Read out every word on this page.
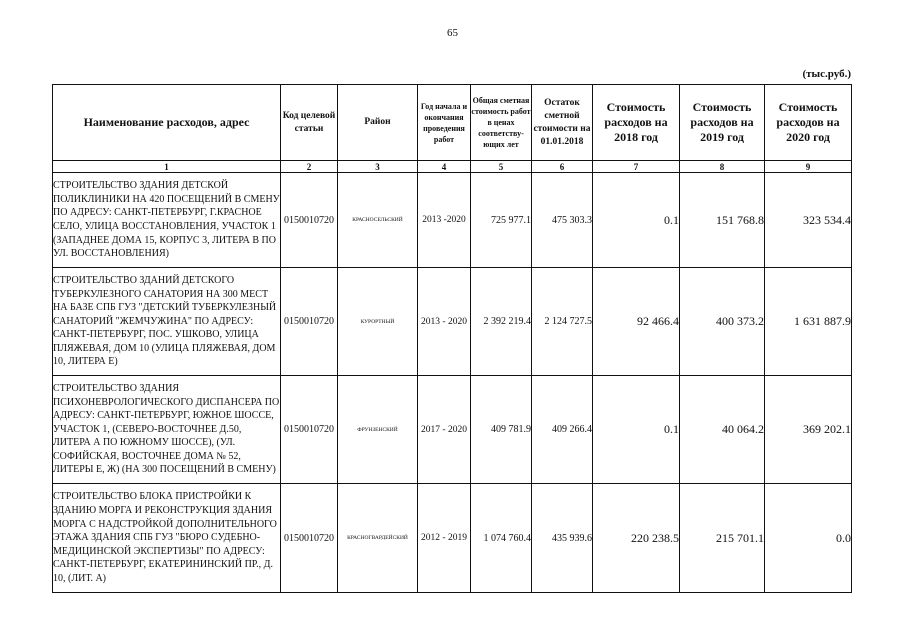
65
(тыс.руб.)
Наименование расходов, адрес	Код целевой статьи	Район	Год начала и окончания проведения работ	Общая сметная стоимость работ в ценах соответству-ющих лет	Остаток сметной стоимости на 01.01.2018	Стоимость расходов на 2018 год	Стоимость расходов на 2019 год	Стоимость расходов на 2020 год
1	2	3	4	5	6	7	8	9
СТРОИТЕЛЬСТВО ЗДАНИЯ ДЕТСКОЙ ПОЛИКЛИНИКИ НА 420 ПОСЕЩЕНИЙ В СМЕНУ ПО АДРЕСУ: САНКТ-ПЕТЕРБУРГ, Г.КРАСНОЕ СЕЛО, УЛИЦА ВОССТАНОВЛЕНИЯ, УЧАСТОК 1 (ЗАПАДНЕЕ ДОМА 15, КОРПУС 3, ЛИТЕРА В ПО УЛ. ВОССТАНОВЛЕНИЯ)	0150010720	КРАСНОСЕЛЬСКИЙ	2013 -2020	725 977.1	475 303.3	0.1	151 768.8	323 534.4
СТРОИТЕЛЬСТВО ЗДАНИЙ ДЕТСКОГО ТУБЕРКУЛЕЗНОГО САНАТОРИЯ НА 300 МЕСТ НА БАЗЕ СПБ ГУЗ "ДЕТСКИЙ ТУБЕРКУЛЕЗНЫЙ САНАТОРИЙ "ЖЕМЧУЖИНА" ПО АДРЕСУ: САНКТ-ПЕТЕРБУРГ, ПОС. УШКОВО, УЛИЦА ПЛЯЖЕВАЯ, ДОМ 10 (УЛИЦА ПЛЯЖЕВАЯ, ДОМ 10, ЛИТЕРА Е)	0150010720	КУРОРТНЫЙ	2013 - 2020	2 392 219.4	2 124 727.5	92 466.4	400 373.2	1 631 887.9
СТРОИТЕЛЬСТВО ЗДАНИЯ ПСИХОНЕВРОЛОГИЧЕСКОГО ДИСПАНСЕРА ПО АДРЕСУ: САНКТ-ПЕТЕРБУРГ, ЮЖНОЕ ШОССЕ, УЧАСТОК 1, (СЕВЕРО-ВОСТОЧНЕЕ Д.50, ЛИТЕРА А ПО ЮЖНОМУ ШОССЕ), (УЛ. СОФИЙСКАЯ, ВОСТОЧНЕЕ ДОМА № 52, ЛИТЕРЫ Е, Ж) (НА 300 ПОСЕЩЕНИЙ В СМЕНУ)	0150010720	ФРУНЗЕНСКИЙ	2017 - 2020	409 781.9	409 266.4	0.1	40 064.2	369 202.1
СТРОИТЕЛЬСТВО БЛОКА ПРИСТРОЙКИ К ЗДАНИЮ МОРГА И РЕКОНСТРУКЦИЯ ЗДАНИЯ МОРГА С НАДСТРОЙКОЙ ДОПОЛНИТЕЛЬНОГО ЭТАЖА ЗДАНИЯ СПБ ГУЗ "БЮРО СУДЕБНО-МЕДИЦИНСКОЙ ЭКСПЕРТИЗЫ" ПО АДРЕСУ: САНКТ-ПЕТЕРБУРГ, ЕКАТЕРИНИНСКИЙ ПР., Д. 10, (ЛИТ. А)	0150010720	КРАСНОГВАРДЕЙСКИЙ	2012 - 2019	1 074 760.4	435 939.6	220 238.5	215 701.1	0.0
